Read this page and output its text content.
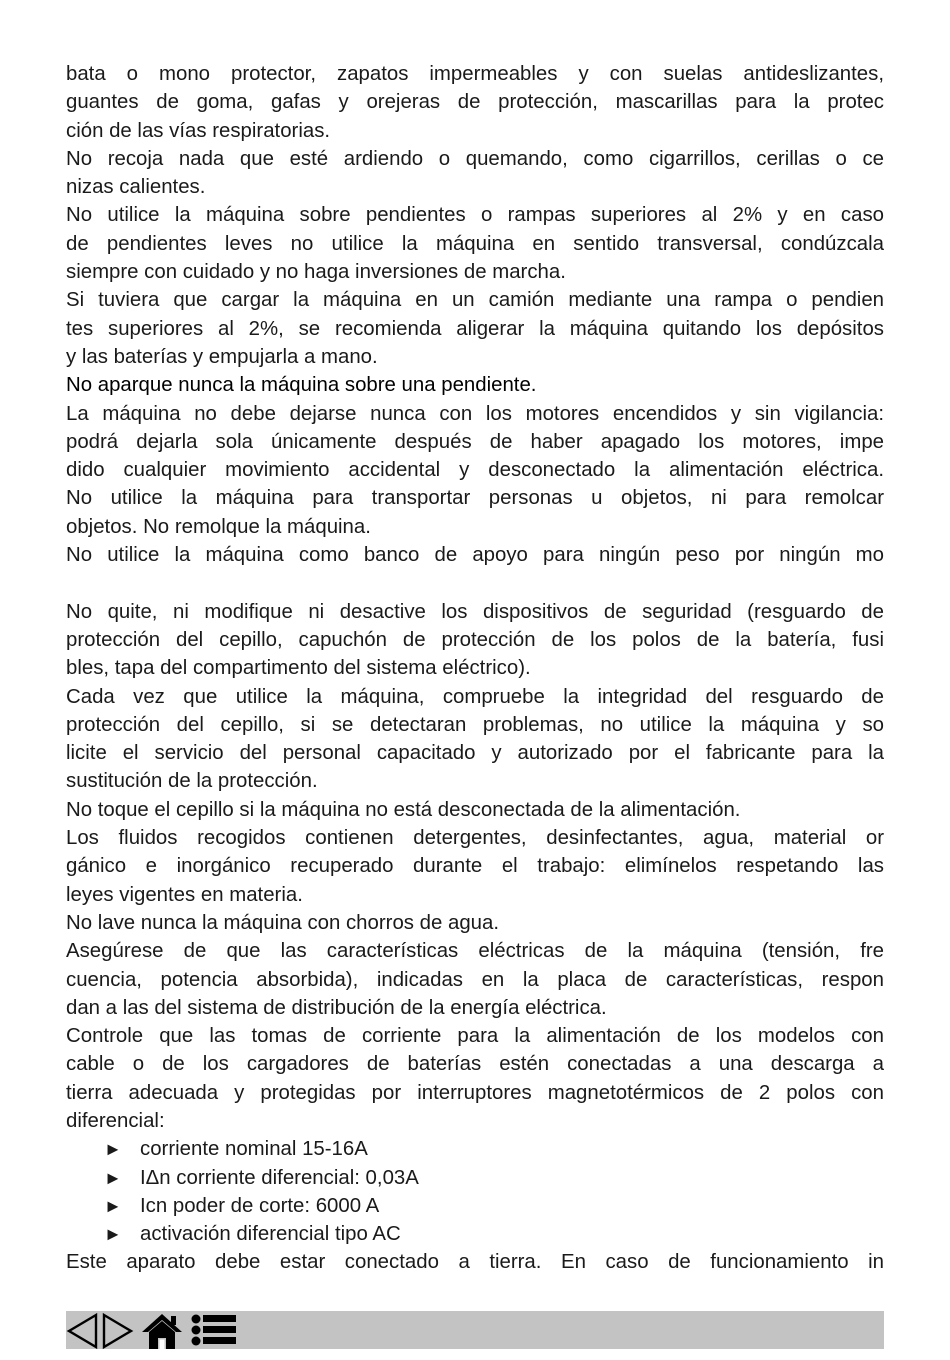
bata o mono protector, zapatos impermeables y con suelas antideslizantes,
guantes de goma, gafas y orejeras de protección, mascarillas para la protec
ción de las vías respiratorias.
No recoja nada que esté ardiendo o quemando, como cigarrillos, cerillas o ce
nizas calientes.
No utilice la máquina sobre pendientes o rampas superiores al 2% y en caso
de pendientes leves no utilice la máquina en sentido transversal, condúzcala
siempre con cuidado y no haga inversiones de marcha.
Si tuviera que cargar la máquina en un camión mediante una rampa o pendien
tes superiores al 2%, se recomienda aligerar la máquina quitando los depósitos
y las baterías y empujarla a mano.
No aparque nunca la máquina sobre una pendiente.
La máquina no debe dejarse nunca con los motores encendidos y sin vigilancia:
podrá dejarla sola únicamente después de haber apagado los motores, impe
dido cualquier movimiento accidental y desconectado la alimentación eléctrica.
No utilice la máquina para transportar personas u objetos, ni para remolcar
objetos. No remolque la máquina.
No utilice la máquina como banco de apoyo para ningún peso por ningún mo
No quite, ni modifique ni desactive los dispositivos de seguridad (resguardo de
protección del cepillo, capuchón de protección de los polos de la batería, fusi
bles, tapa del compartimento del sistema eléctrico).
Cada vez que utilice la máquina, compruebe la integridad del resguardo de
protección del cepillo, si se detectaran problemas, no utilice la máquina y so
licite el servicio del personal capacitado y autorizado por el fabricante para la
sustitución de la protección.
No toque el cepillo si la máquina no está desconectada de la alimentación.
Los fluidos recogidos contienen detergentes, desinfectantes, agua, material or
gánico e inorgánico recuperado durante el trabajo: elimínelos respetando las
leyes vigentes en materia.
No lave nunca la máquina con chorros de agua.
Asegúrese de que las características eléctricas de la máquina (tensión, fre
cuencia, potencia absorbida), indicadas en la placa de características, respon
dan a las del sistema de distribución de la energía eléctrica.
Controle que las tomas de corriente para la alimentación de los modelos con
cable o de los cargadores de baterías estén conectadas a una descarga a
tierra adecuada y protegidas por interruptores magnetotérmicos de 2 polos con
diferencial:
► corriente nominal 15-16A
► IΔn corriente diferencial: 0,03A
► Icn poder de corte: 6000 A
► activación diferencial tipo AC
Este aparato debe estar conectado a tierra. En caso de funcionamiento in
